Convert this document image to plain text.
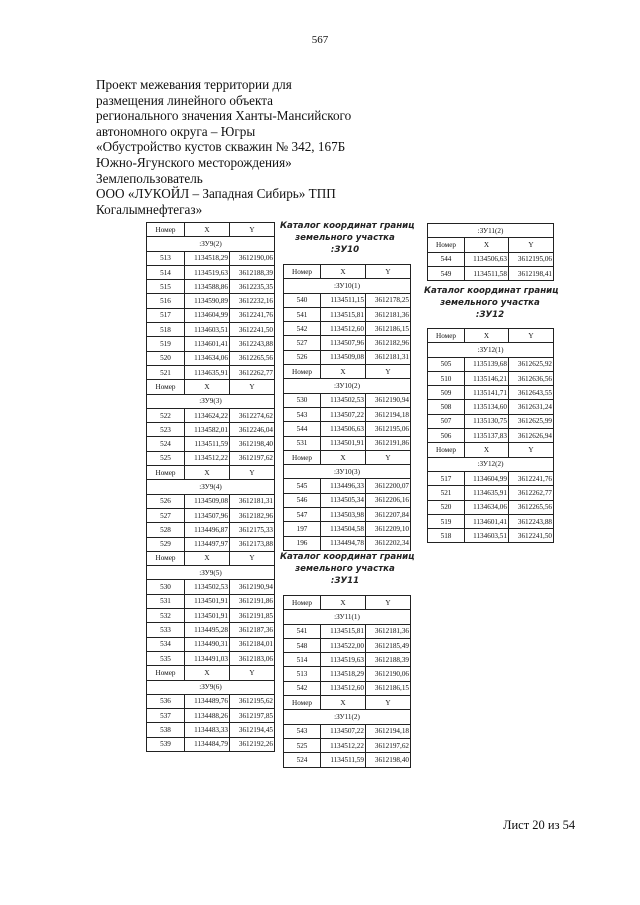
567
Проект межевания территории для
размещения линейного объекта
регионального значения Ханты-Мансийского
автономного округа – Югры
«Обустройство кустов скважин № 342, 167Б
Южно-Ягунского месторождения»
Землепользователь
ООО «ЛУКОЙЛ – Западная Сибирь» ТПП
Когалымнефтегаз»
Номер	X	Y
:ЗУ9(2)		
513	1134518,29	3612190,06
514	1134519,63	3612188,39
515	1134588,86	3612235,35
516	1134590,89	3612232,16
517	1134604,99	3612241,76
518	1134603,51	3612241,50
519	1134601,41	3612243,88
520	1134634,06	3612265,56
521	1134635,91	3612262,77
Номер	X	Y
:ЗУ9(3)		
522	1134624,22	3612274,62
523	1134582,01	3612246,04
524	1134511,59	3612198,40
525	1134512,22	3612197,62
Номер	X	Y
:ЗУ9(4)		
526	1134509,08	3612181,31
527	1134507,96	3612182,96
528	1134496,87	3612175,33
529	1134497,97	3612173,88
Номер	X	Y
:ЗУ9(5)		
530	1134502,53	3612190,94
531	1134501,91	3612191,86
532	1134501,91	3612191,85
533	1134495,28	3612187,36
534	1134490,31	3612184,01
535	1134491,03	3612183,06
Номер	X	Y
:ЗУ9(6)		
536	1134489,76	3612195,62
537	1134488,26	3612197,85
538	1134483,33	3612194,45
539	1134484,79	3612192,26
Каталог координат границ
земельного участка
:ЗУ10
Номер	X	Y
:ЗУ10(1)		
540	1134511,15	3612178,25
541	1134515,81	3612181,36
542	1134512,60	3612186,15
527	1134507,96	3612182,96
526	1134509,08	3612181,31
Номер	X	Y
:ЗУ10(2)		
530	1134502,53	3612190,94
543	1134507,22	3612194,18
544	1134506,63	3612195,06
531	1134501,91	3612191,86
Номер	X	Y
:ЗУ10(3)		
545	1134496,33	3612200,07
546	1134505,34	3612206,16
547	1134503,98	3612207,84
197	1134504,58	3612209,10
196	1134494,78	3612202,34
Каталог координат границ
земельного участка
:ЗУ11
Номер	X	Y
:ЗУ11(1)		
541	1134515,81	3612181,36
548	1134522,00	3612185,49
514	1134519,63	3612188,39
513	1134518,29	3612190,06
542	1134512,60	3612186,15
Номер	X	Y
:ЗУ11(2)		
543	1134507,22	3612194,18
525	1134512,22	3612197,62
524	1134511,59	3612198,40
:ЗУ11(2)		
Номер	X	Y
544	1134506,63	3612195,06
549	1134511,58	3612198,41
Каталог координат границ
земельного участка
:ЗУ12
Номер	X	Y
:ЗУ12(1)		
505	1135139,68	3612625,92
510	1135146,21	3612636,56
509	1135141,71	3612643,55
508	1135134,60	3612631,24
507	1135130,75	3612625,99
506	1135137,83	3612626,94
Номер	X	Y
:ЗУ12(2)		
517	1134604,99	3612241,76
521	1134635,91	3612262,77
520	1134634,06	3612265,56
519	1134601,41	3612243,88
518	1134603,51	3612241,50
Лист 20 из 54
